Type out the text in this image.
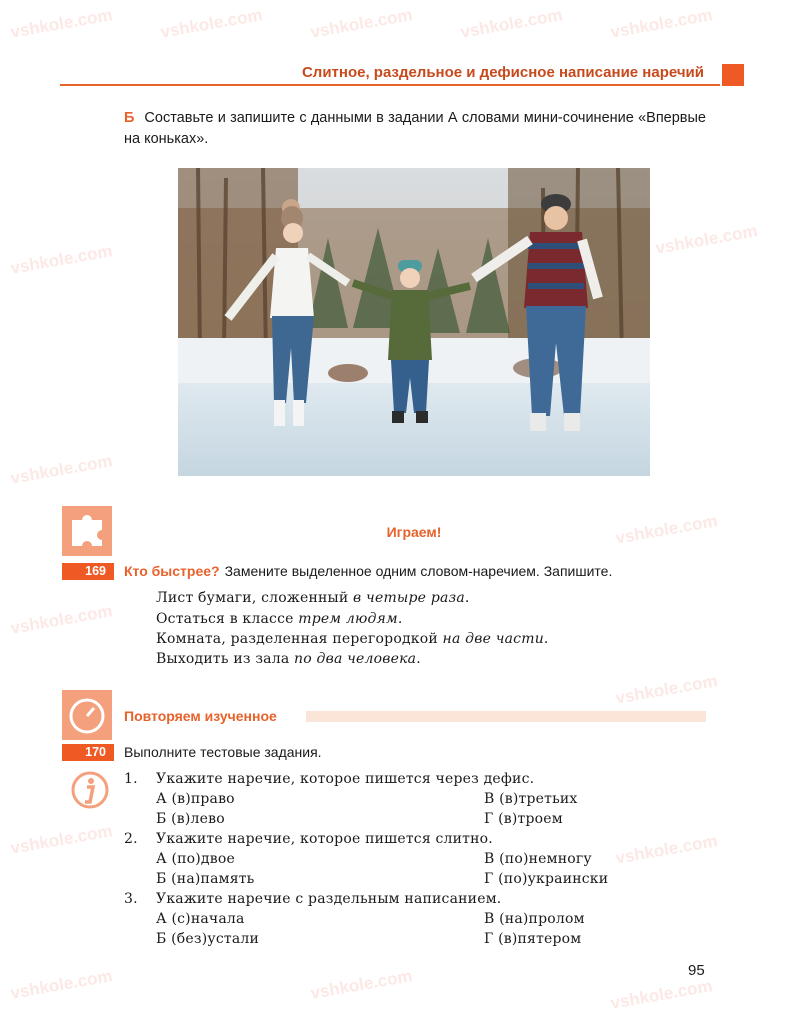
vshkole.com	vshkole.com	vshkole.com	vshkole.com	vshkole.com
vshkole.com
vshkole.com
vshkole.com
vshkole.com
vshkole.com
vshkole.com
vshkole.com	vshkole.com
vshkole.com	vshkole.com	vshkole.com
Слитное, раздельное и дефисное написание наречий
Б Составьте и запишите с данными в задании А словами мини-сочинение «Впервые на коньках».
Играем!
169	Кто быстрее? Замените выделенное одним словом-наречием. Запишите.
Лист бумаги, сложенный в четыре раза.
Остаться в классе трем людям.
Комната, разделенная перегородкой на две части.
Выходить из зала по два человека.
Повторяем изученное
170	Выполните тестовые задания.
1. Укажите наречие, которое пишется через дефис.
А (в)право	В (в)третьих
Б (в)лево	Г (в)троем
2. Укажите наречие, которое пишется слитно.
А (по)двое	В (по)немногу
Б (на)память	Г (по)украински
3. Укажите наречие с раздельным написанием.
А (с)начала	В (на)пролом
Б (без)устали	Г (в)пятером
95
